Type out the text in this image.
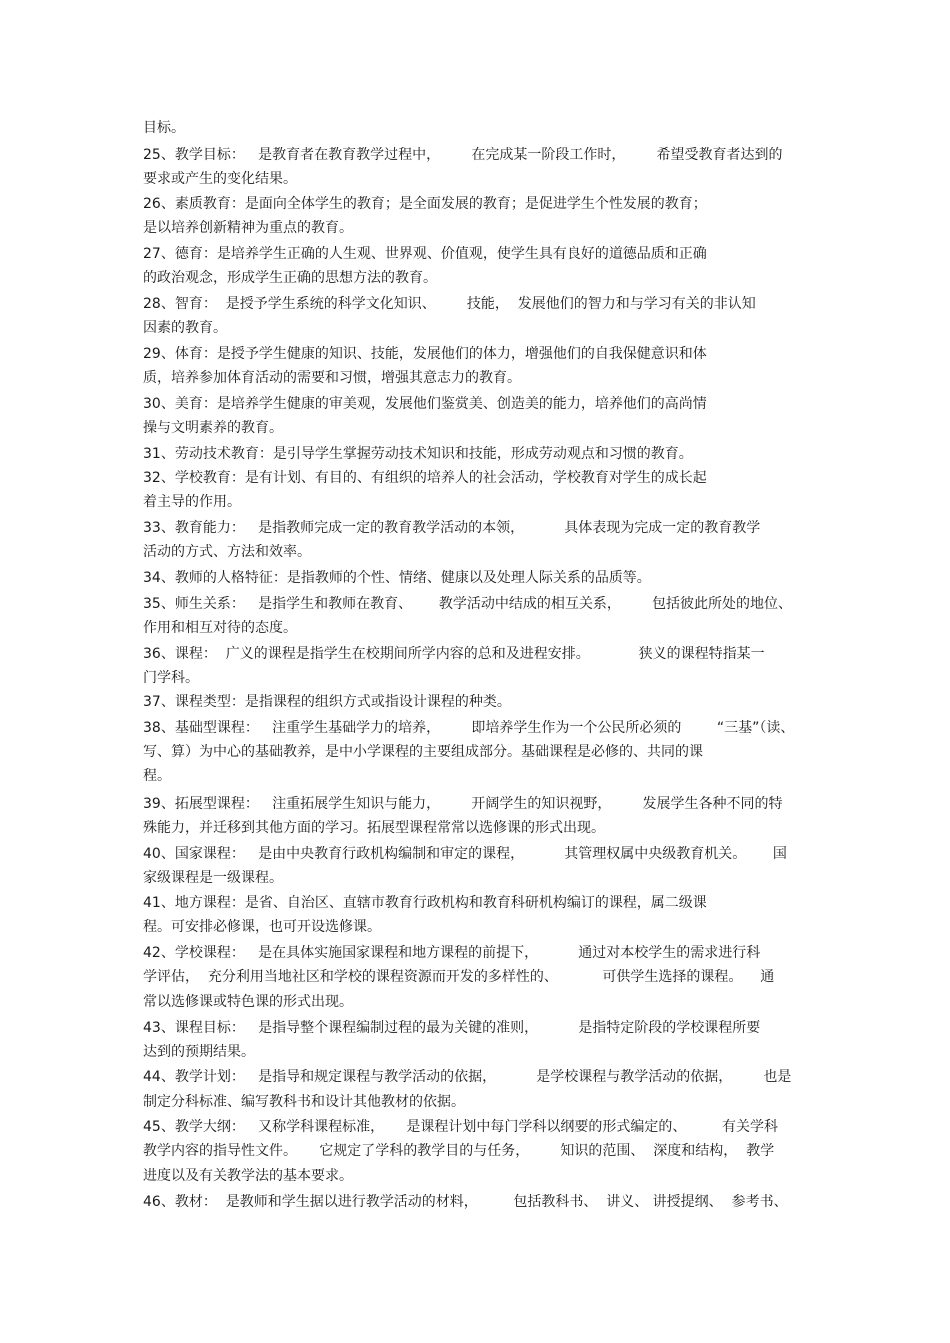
目标。
25、教学目标：   是教育者在教育教学过程中，       在完成某一阶段工作时，       希望受教育者达到的
要求或产生的变化结果。
26、素质教育：是面向全体学生的教育；是全面发展的教育；是促进学生个性发展的教育；
是以培养创新精神为重点的教育。
27、德育：是培养学生正确的人生观、世界观、价值观，使学生具有良好的道德品质和正确
的政治观念，形成学生正确的思想方法的教育。
28、智育：  是授予学生系统的科学文化知识、       技能，  发展他们的智力和与学习有关的非认知
因素的教育。
29、体育：是授予学生健康的知识、技能，发展他们的体力，增强他们的自我保健意识和体
质，培养参加体育活动的需要和习惯，增强其意志力的教育。
30、美育：是培养学生健康的审美观，发展他们鉴赏美、创造美的能力，培养他们的高尚情
操与文明素养的教育。
31、劳动技术教育：是引导学生掌握劳动技术知识和技能，形成劳动观点和习惯的教育。
32、学校教育：是有计划、有目的、有组织的培养人的社会活动，学校教育对学生的成长起
着主导的作用。
33、教育能力：   是指教师完成一定的教育教学活动的本领，         具体表现为完成一定的教育教学
活动的方式、方法和效率。
34、教师的人格特征：是指教师的个性、情绪、健康以及处理人际关系的品质等。
35、师生关系：   是指学生和教师在教育、      教学活动中结成的相互关系，       包括彼此所处的地位、
作用和相互对待的态度。
36、课程：  广义的课程是指学生在校期间所学内容的总和及进程安排。           狭义的课程特指某一
门学科。
37、课程类型：是指课程的组织方式或指设计课程的种类。
38、基础型课程：   注重学生基础学力的培养，       即培养学生作为一个公民所必须的        “三基”（读、
写、算）为中心的基础教养，是中小学课程的主要组成部分。基础课程是必修的、共同的课
程。
39、拓展型课程：   注重拓展学生知识与能力，       开阔学生的知识视野，       发展学生各种不同的特
殊能力，并迁移到其他方面的学习。拓展型课程常常以选修课的形式出现。
40、国家课程：   是由中央教育行政机构编制和审定的课程，         其管理权属中央级教育机关。      国
家级课程是一级课程。
41、地方课程：是省、自治区、直辖市教育行政机构和教育科研机构编订的课程，属二级课
程。可安排必修课，也可开设选修课。
42、学校课程：   是在具体实施国家课程和地方课程的前提下，         通过对本校学生的需求进行科
学评估，  充分利用当地社区和学校的课程资源而开发的多样性的、          可供学生选择的课程。    通
常以选修课或特色课的形式出现。
43、课程目标：   是指导整个课程编制过程的最为关键的准则，         是指特定阶段的学校课程所要
达到的预期结果。
44、教学计划：   是指导和规定课程与教学活动的依据，         是学校课程与教学活动的依据，       也是
制定分科标准、编写教科书和设计其他教材的依据。
45、教学大纲：   又称学科课程标准，     是课程计划中每门学科以纲要的形式编定的、        有关学科
教学内容的指导性文件。     它规定了学科的教学目的与任务，       知识的范围、  深度和结构，  教学
进度以及有关教学法的基本要求。
46、教材：  是教师和学生据以进行教学活动的材料，        包括教科书、  讲义、 讲授提纲、  参考书、
